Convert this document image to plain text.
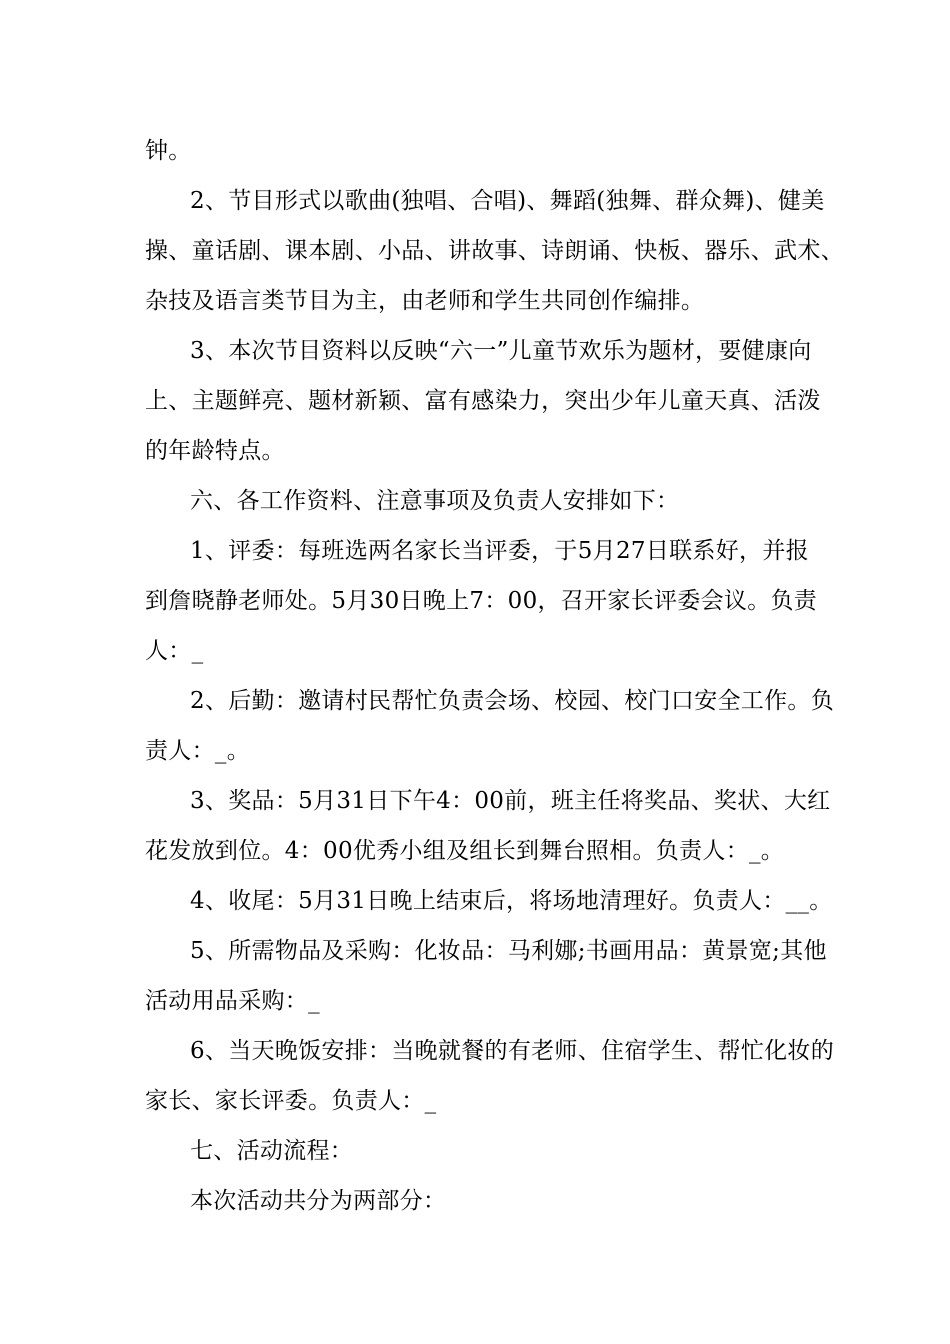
钟。
2、节目形式以歌曲(独唱、合唱)、舞蹈(独舞、群众舞)、健美
操、童话剧、课本剧、小品、讲故事、诗朗诵、快板、器乐、武术、
杂技及语言类节目为主，由老师和学生共同创作编排。
3、本次节目资料以反映“六一”儿童节欢乐为题材，要健康向
上、主题鲜亮、题材新颖、富有感染力，突出少年儿童天真、活泼
的年龄特点。
六、各工作资料、注意事项及负责人安排如下：
1、评委：每班选两名家长当评委，于5月27日联系好，并报
到詹晓静老师处。5月30日晚上7：00，召开家长评委会议。负责
人：_
2、后勤：邀请村民帮忙负责会场、校园、校门口安全工作。负
责人：_。
3、奖品：5月31日下午4：00前，班主任将奖品、奖状、大红
花发放到位。4：00优秀小组及组长到舞台照相。负责人：_。
4、收尾：5月31日晚上结束后，将场地清理好。负责人：__。
5、所需物品及采购：化妆品：马利娜;书画用品：黄景宽;其他
活动用品采购：_
6、当天晚饭安排：当晚就餐的有老师、住宿学生、帮忙化妆的
家长、家长评委。负责人：_
七、活动流程：
本次活动共分为两部分：
